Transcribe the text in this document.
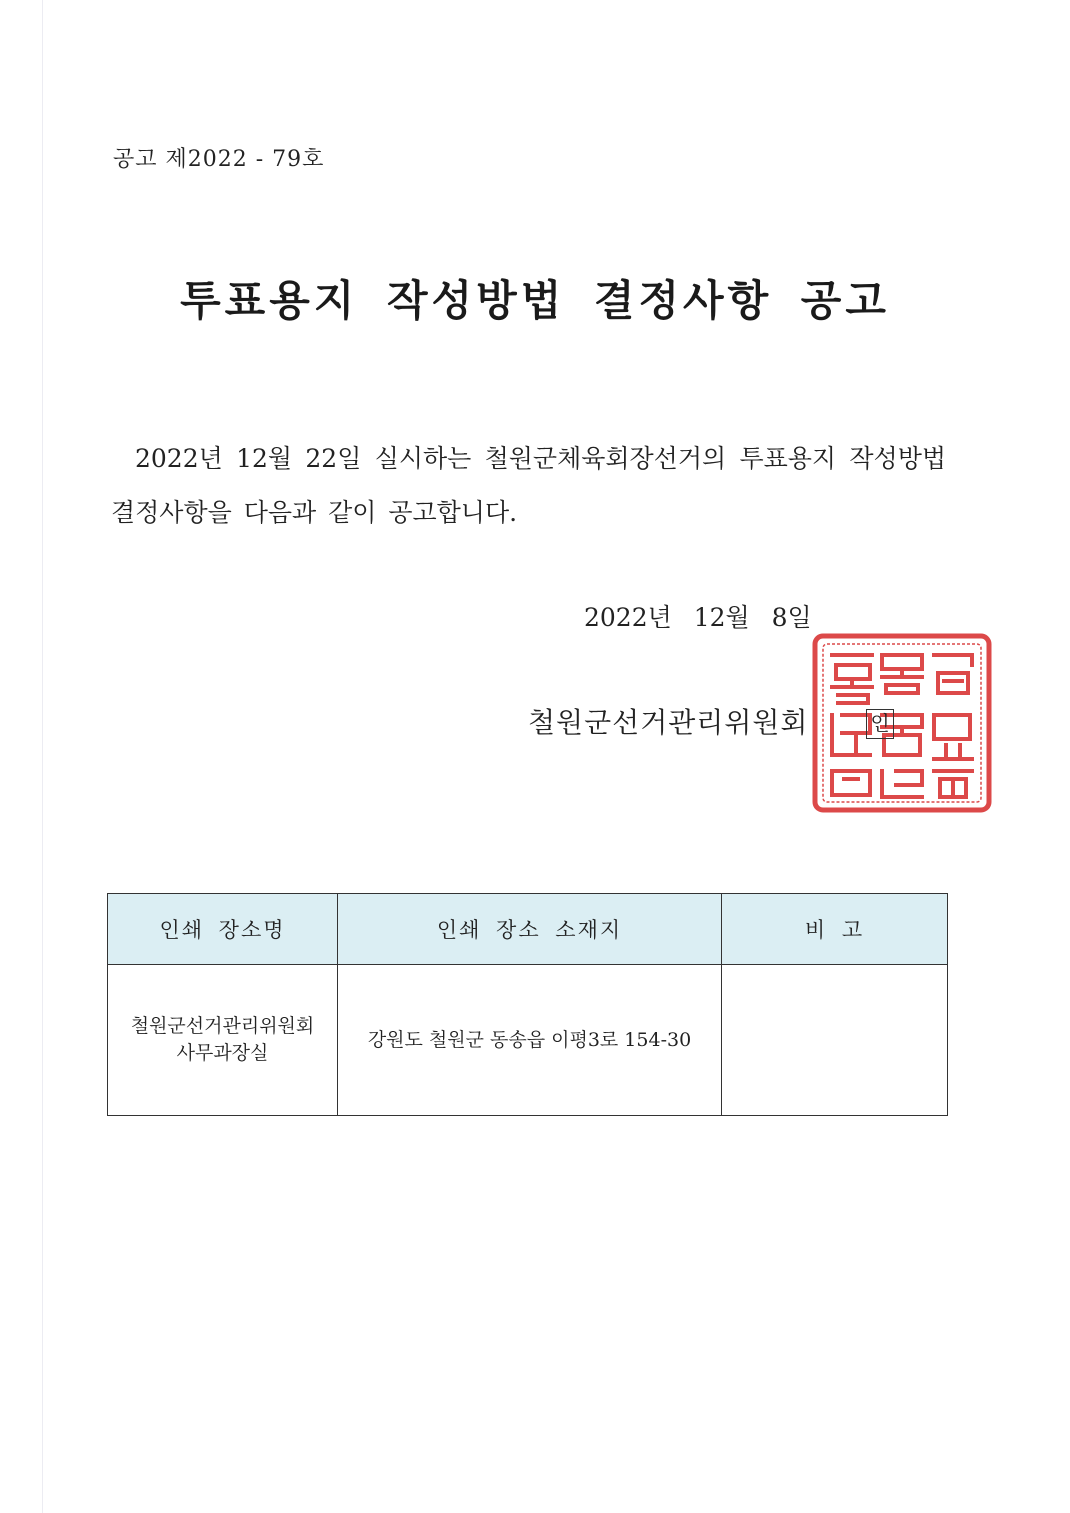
공고 제2022 - 79호
투표용지 작성방법 결정사항 공고
2022년 12월 22일 실시하는 철원군체육회장선거의 투표용지 작성방법 결정사항을 다음과 같이 공고합니다.
2022년 12월 8일
철원군선거관리위원회	인
인쇄 장소명	인쇄 장소 소재지	비 고

철원군선거관리위원회
사무과장실	강원도 철원군 동송읍 이평3로 154-30	
